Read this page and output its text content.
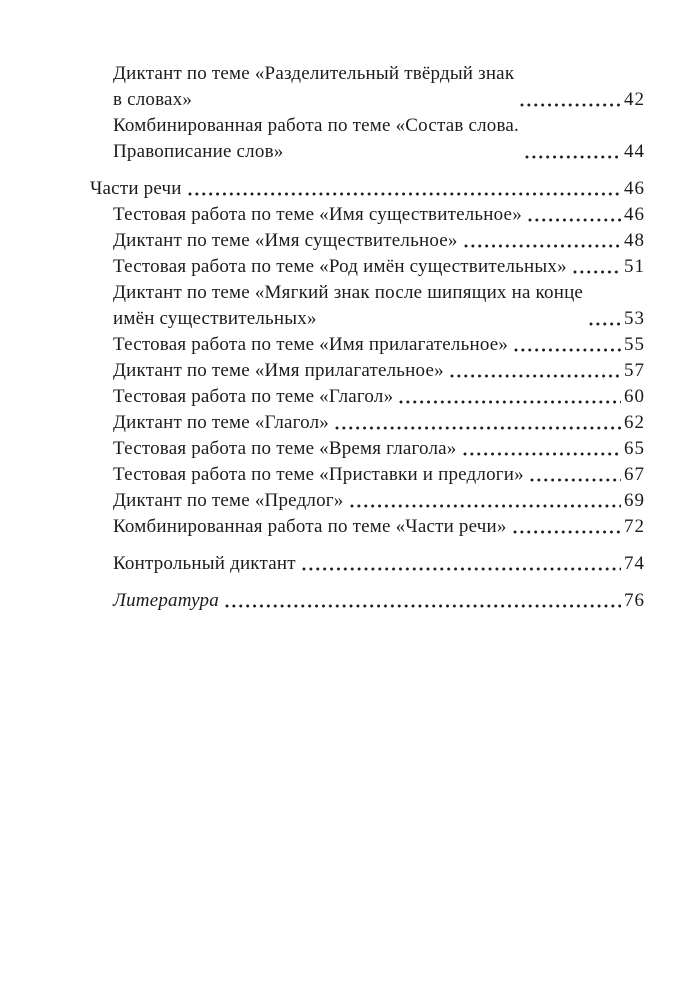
Диктант по теме «Разделительный твёрдый знак
в словах»	42
Комбинированная работа по теме «Состав слова.
Правописание слов»	44
Части речи	46
Тестовая работа по теме «Имя существительное»	46
Диктант по теме «Имя существительное»	48
Тестовая работа по теме «Род имён существительных»	51
Диктант по теме «Мягкий знак после шипящих на конце
имён существительных»	53
Тестовая работа по теме «Имя прилагательное»	55
Диктант по теме «Имя прилагательное»	57
Тестовая работа по теме «Глагол»	60
Диктант по теме «Глагол»	62
Тестовая работа по теме «Время глагола»	65
Тестовая работа по теме «Приставки и предлоги»	67
Диктант по теме «Предлог»	69
Комбинированная работа по теме «Части речи»	72
Контрольный диктант	74
Литература	76
